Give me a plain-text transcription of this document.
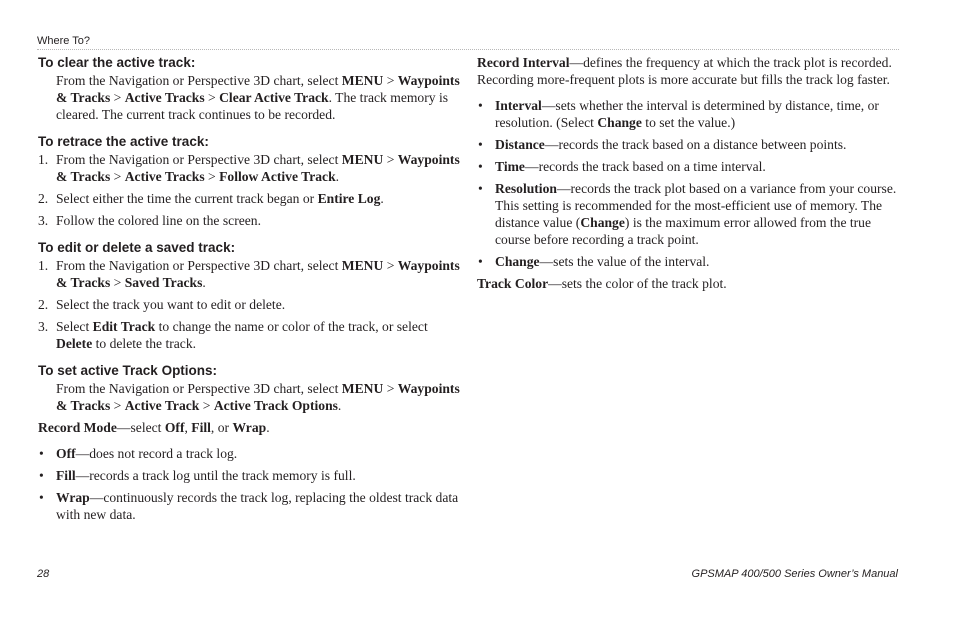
Where To?
To clear the active track:

From the Navigation or Perspective 3D chart, select MENU > Waypoints & Tracks > Active Tracks > Clear Active Track. The track memory is cleared. The current track continues to be recorded.

To retrace the active track:
1. From the Navigation or Perspective 3D chart, select MENU > Waypoints & Tracks > Active Tracks > Follow Active Track.
2. Select either the time the current track began or Entire Log.
3. Follow the colored line on the screen.
To edit or delete a saved track:
1. From the Navigation or Perspective 3D chart, select MENU > Waypoints & Tracks > Saved Tracks.
2. Select the track you want to edit or delete.
3. Select Edit Track to change the name or color of the track, or select Delete to delete the track.
To set active Track Options:

From the Navigation or Perspective 3D chart, select MENU > Waypoints & Tracks > Active Track > Active Track Options.

Record Mode—select Off, Fill, or Wrap.

• Off—does not record a track log.
• Fill—records a track log until the track memory is full.
• Wrap—continuously records the track log, replacing the oldest track data with new data.

Record Interval—defines the frequency at which the track plot is recorded. Recording more-frequent plots is more accurate but fills the track log faster.

• Interval—sets whether the interval is determined by distance, time, or resolution. (Select Change to set the value.)
• Distance—records the track based on a distance between points.
• Time—records the track based on a time interval.
• Resolution—records the track plot based on a variance from your course. This setting is recommended for the most-efficient use of memory. The distance value (Change) is the maximum error allowed from the true course before recording a track point.
• Change—sets the value of the interval.

Track Color—sets the color of the track plot.

28	GPSMAP 400/500 Series Owner’s Manual
